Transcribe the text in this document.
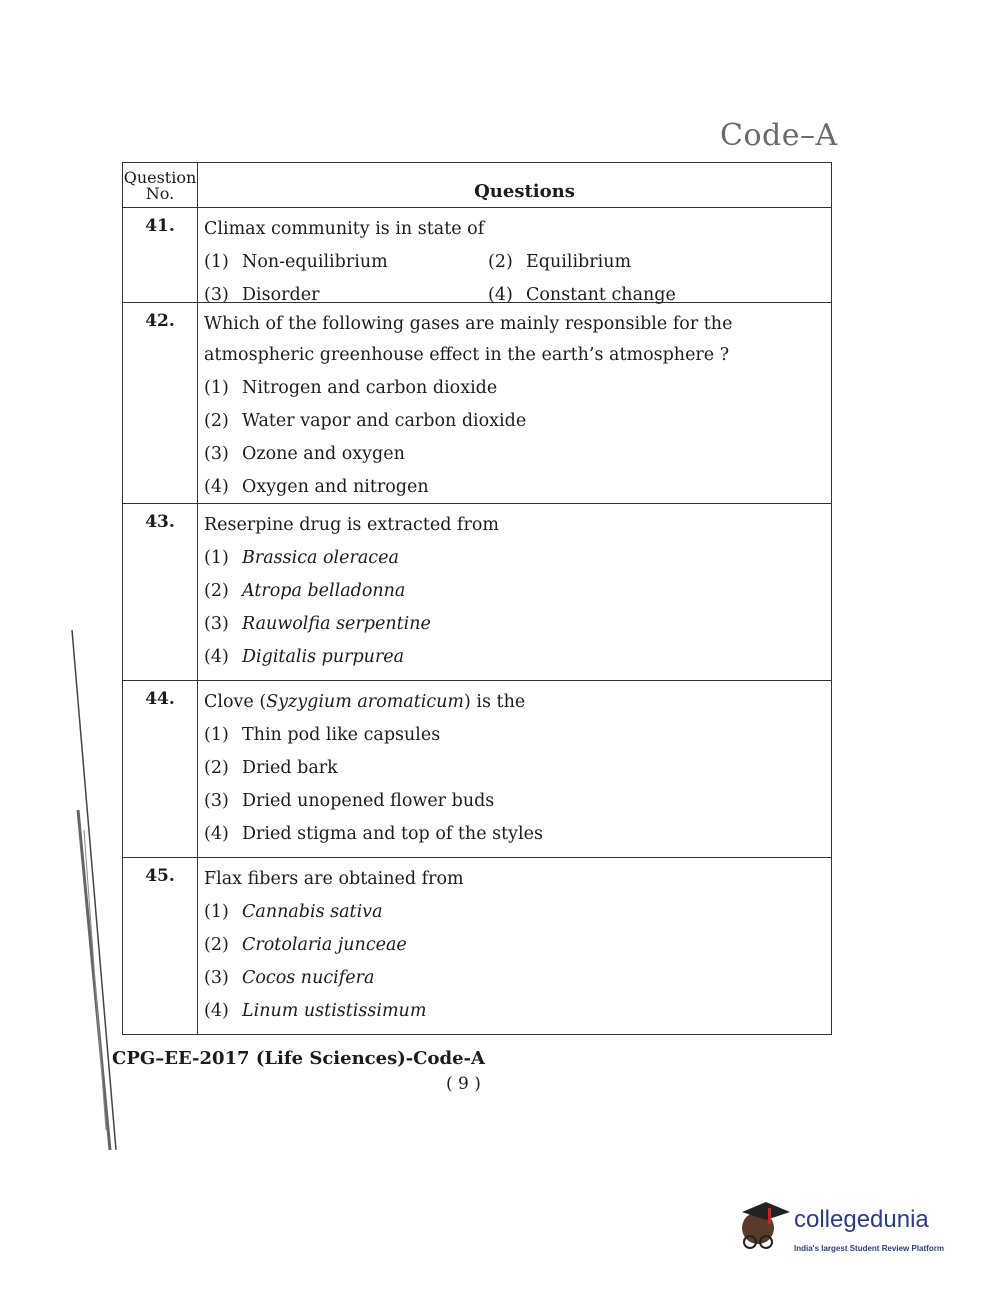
Code–A
Question
No.	Questions
41.	Climax community is in state of
(1) Non-equilibrium	(2) Equilibrium
(3) Disorder	(4) Constant change
42.	Which of the following gases are mainly responsible for the atmospheric greenhouse effect in the earth’s atmosphere ?
(1) Nitrogen and carbon dioxide
(2) Water vapor and carbon dioxide
(3) Ozone and oxygen
(4) Oxygen and nitrogen
43.	Reserpine drug is extracted from
(1) Brassica oleracea
(2) Atropa belladonna
(3) Rauwolfia serpentine
(4) Digitalis purpurea
44.	Clove (Syzygium aromaticum) is the
(1) Thin pod like capsules
(2) Dried bark
(3) Dried unopened flower buds
(4) Dried stigma and top of the styles
45.	Flax fibers are obtained from
(1) Cannabis sativa
(2) Crotolaria junceae
(3) Cocos nucifera
(4) Linum ustistissimum
CPG–EE-2017 (Life Sciences)-Code-A
( 9 )
collegedunia
India's largest Student Review Platform
